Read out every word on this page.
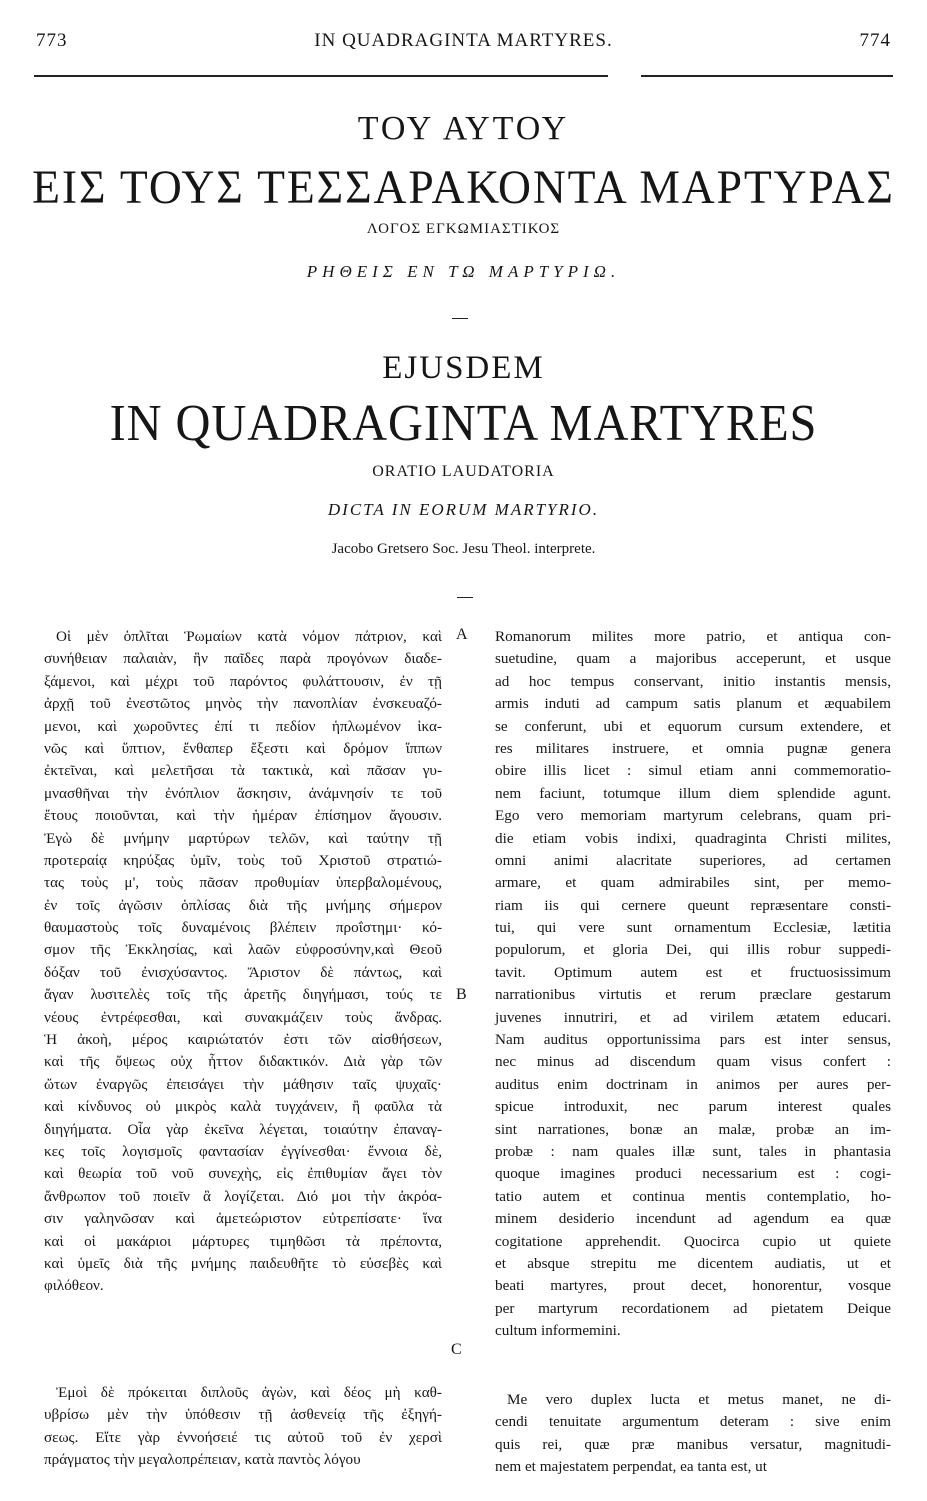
773	IN QUADRAGINTA MARTYRES.	774
ΤΟΥ ΑΥΤΟΥ
ΕΙΣ ΤΟΥΣ ΤΕΣΣΑΡΑΚΟΝΤΑ ΜΑΡΤΥΡΑΣ
ΛΟΓΟΣ ΕΓΚΩΜΙΑΣΤΙΚΟΣ
ΡΗΘΕΙΣ ΕΝ ΤΩ ΜΑΡΤΥΡΙΩ.
EJUSDEM
IN QUADRAGINTA MARTYRES
ORATIO LAUDATORIA
DICTA IN EORUM MARTYRIO.
Jacobo Gretsero Soc. Jesu Theol. interprete.
Οἱ μὲν ὁπλῖται Ῥωμαίων κατὰ νόμον πάτριον, καὶ
συνήθειαν παλαιὰν, ἣν παῖδες παρὰ προγόνων διαδε-
ξάμενοι, καὶ μέχρι τοῦ παρόντος φυλάττουσιν, ἐν τῇ
ἀρχῇ τοῦ ἐνεστῶτος μηνὸς τὴν πανοπλίαν ἐνσκευαζό-
μενοι, καὶ χωροῦντες ἐπί τι πεδίον ἡπλωμένον ἱκα-
νῶς καὶ ὕπτιον, ἔνθαπερ ἔξεστι καὶ δρόμον ἵππων
ἐκτεῖναι, καὶ μελετῆσαι τὰ τακτικὰ, καὶ πᾶσαν γυ-
μνασθῆναι τὴν ἐνόπλιον ἄσκησιν, ἀνάμνησίν τε τοῦ
ἔτους ποιοῦνται, καὶ τὴν ἡμέραν ἐπίσημον ἄγουσιν.
Ἐγὼ δὲ μνήμην μαρτύρων τελῶν, καὶ ταύτην τῇ
προτεραίᾳ κηρύξας ὑμῖν, τοὺς τοῦ Χριστοῦ στρατιώ-
τας τοὺς μ', τοὺς πᾶσαν προθυμίαν ὑπερβαλομένους,
ἐν τοῖς ἀγῶσιν ὁπλίσας διὰ τῆς μνήμης σήμερον
θαυμαστοὺς τοῖς δυναμένοις βλέπειν προΐστημι· κό-
σμον τῆς Ἐκκλησίας, καὶ λαῶν εὐφροσύνην,καὶ Θεοῦ
δόξαν τοῦ ἐνισχύσαντος. Ἄριστον δὲ πάντως, καὶ
ἄγαν λυσιτελὲς τοῖς τῆς ἀρετῆς διηγήμασι, τούς τε
νέους ἐντρέφεσθαι, καὶ συνακμάζειν τοὺς ἄνδρας.
Ἡ ἀκοὴ, μέρος καιριώτατόν ἐστι τῶν αἰσθήσεων,
καὶ τῆς ὄψεως οὐχ ἧττον διδακτικόν. Διὰ γὰρ τῶν
ὤτων ἐναργῶς ἐπεισάγει τὴν μάθησιν ταῖς ψυχαῖς·
καὶ κίνδυνος οὐ μικρὸς καλὰ τυγχάνειν, ἢ φαῦλα τὰ
διηγήματα. Οἷα γὰρ ἐκεῖνα λέγεται, τοιαύτην ἐπαναγ-
κες τοῖς λογισμοῖς φαντασίαν ἐγγίνεσθαι· ἔννοια δὲ,
καὶ θεωρία τοῦ νοῦ συνεχὴς, εἰς ἐπιθυμίαν ἄγει τὸν
ἄνθρωπον τοῦ ποιεῖν ἃ λογίζεται. Διό μοι τὴν ἀκρόα-
σιν γαληνῶσαν καὶ ἀμετεώριστον εὐτρεπίσατε· ἵνα
καὶ οἱ μακάριοι μάρτυρες τιμηθῶσι τὰ πρέποντα,
καὶ ὑμεῖς διὰ τῆς μνήμης παιδευθῆτε τὸ εὐσεβὲς καὶ
φιλόθεον.
Ἐμοὶ δὲ πρόκειται διπλοῦς ἀγὼν, καὶ δέος μὴ καθ-
υβρίσω μὲν τὴν ὑπόθεσιν τῇ ἀσθενείᾳ τῆς ἐξηγή-
σεως. Εἴτε γὰρ ἐννοήσειέ τις αὐτοῦ τοῦ ἐν χερσὶ
πράγματος τὴν μεγαλοπρέπειαν, κατὰ παντὸς λόγου
Romanorum milites more patrio, et antiqua con-
suetudine, quam a majoribus acceperunt, et usque
ad hoc tempus conservant, initio instantis mensis,
armis induti ad campum satis planum et æquabilem
se conferunt, ubi et equorum cursum extendere, et
res militares instruere, et omnia pugnæ genera
obire illis licet : simul etiam anni commemoratio-
nem faciunt, totumque illum diem splendide agunt.
Ego vero memoriam martyrum celebrans, quam pri-
die etiam vobis indixi, quadraginta Christi milites,
omni animi alacritate superiores, ad certamen
armare, et quam admirabiles sint, per memo-
riam iis qui cernere queunt repræsentare consti-
tui, qui vere sunt ornamentum Ecclesiæ, lætitia
populorum, et gloria Dei, qui illis robur suppedi-
tavit. Optimum autem est et fructuosissimum
narrationibus virtutis et rerum præclare gestarum
juvenes innutriri, et ad virilem ætatem educari.
Nam auditus opportunissima pars est inter sensus,
nec minus ad discendum quam visus confert :
auditus enim doctrinam in animos per aures per-
spicue introduxit, nec parum interest quales
sint narrationes, bonæ an malæ, probæ an im-
probæ : nam quales illæ sunt, tales in phantasia
quoque imagines produci necessarium est : cogi-
tatio autem et continua mentis contemplatio, ho-
minem desiderio incendunt ad agendum ea quæ
cogitatione apprehendit. Quocirca cupio ut quiete
et absque strepitu me dicentem audiatis, ut et
beati martyres, prout decet, honorentur, vosque
per martyrum recordationem ad pietatem Deique
cultum informemini.
Me vero duplex lucta et metus manet, ne di-
cendi tenuitate argumentum deteram : sive enim
quis rei, quæ præ manibus versatur, magnitudi-
nem et majestatem perpendat, ea tanta est, ut
A
B
C
